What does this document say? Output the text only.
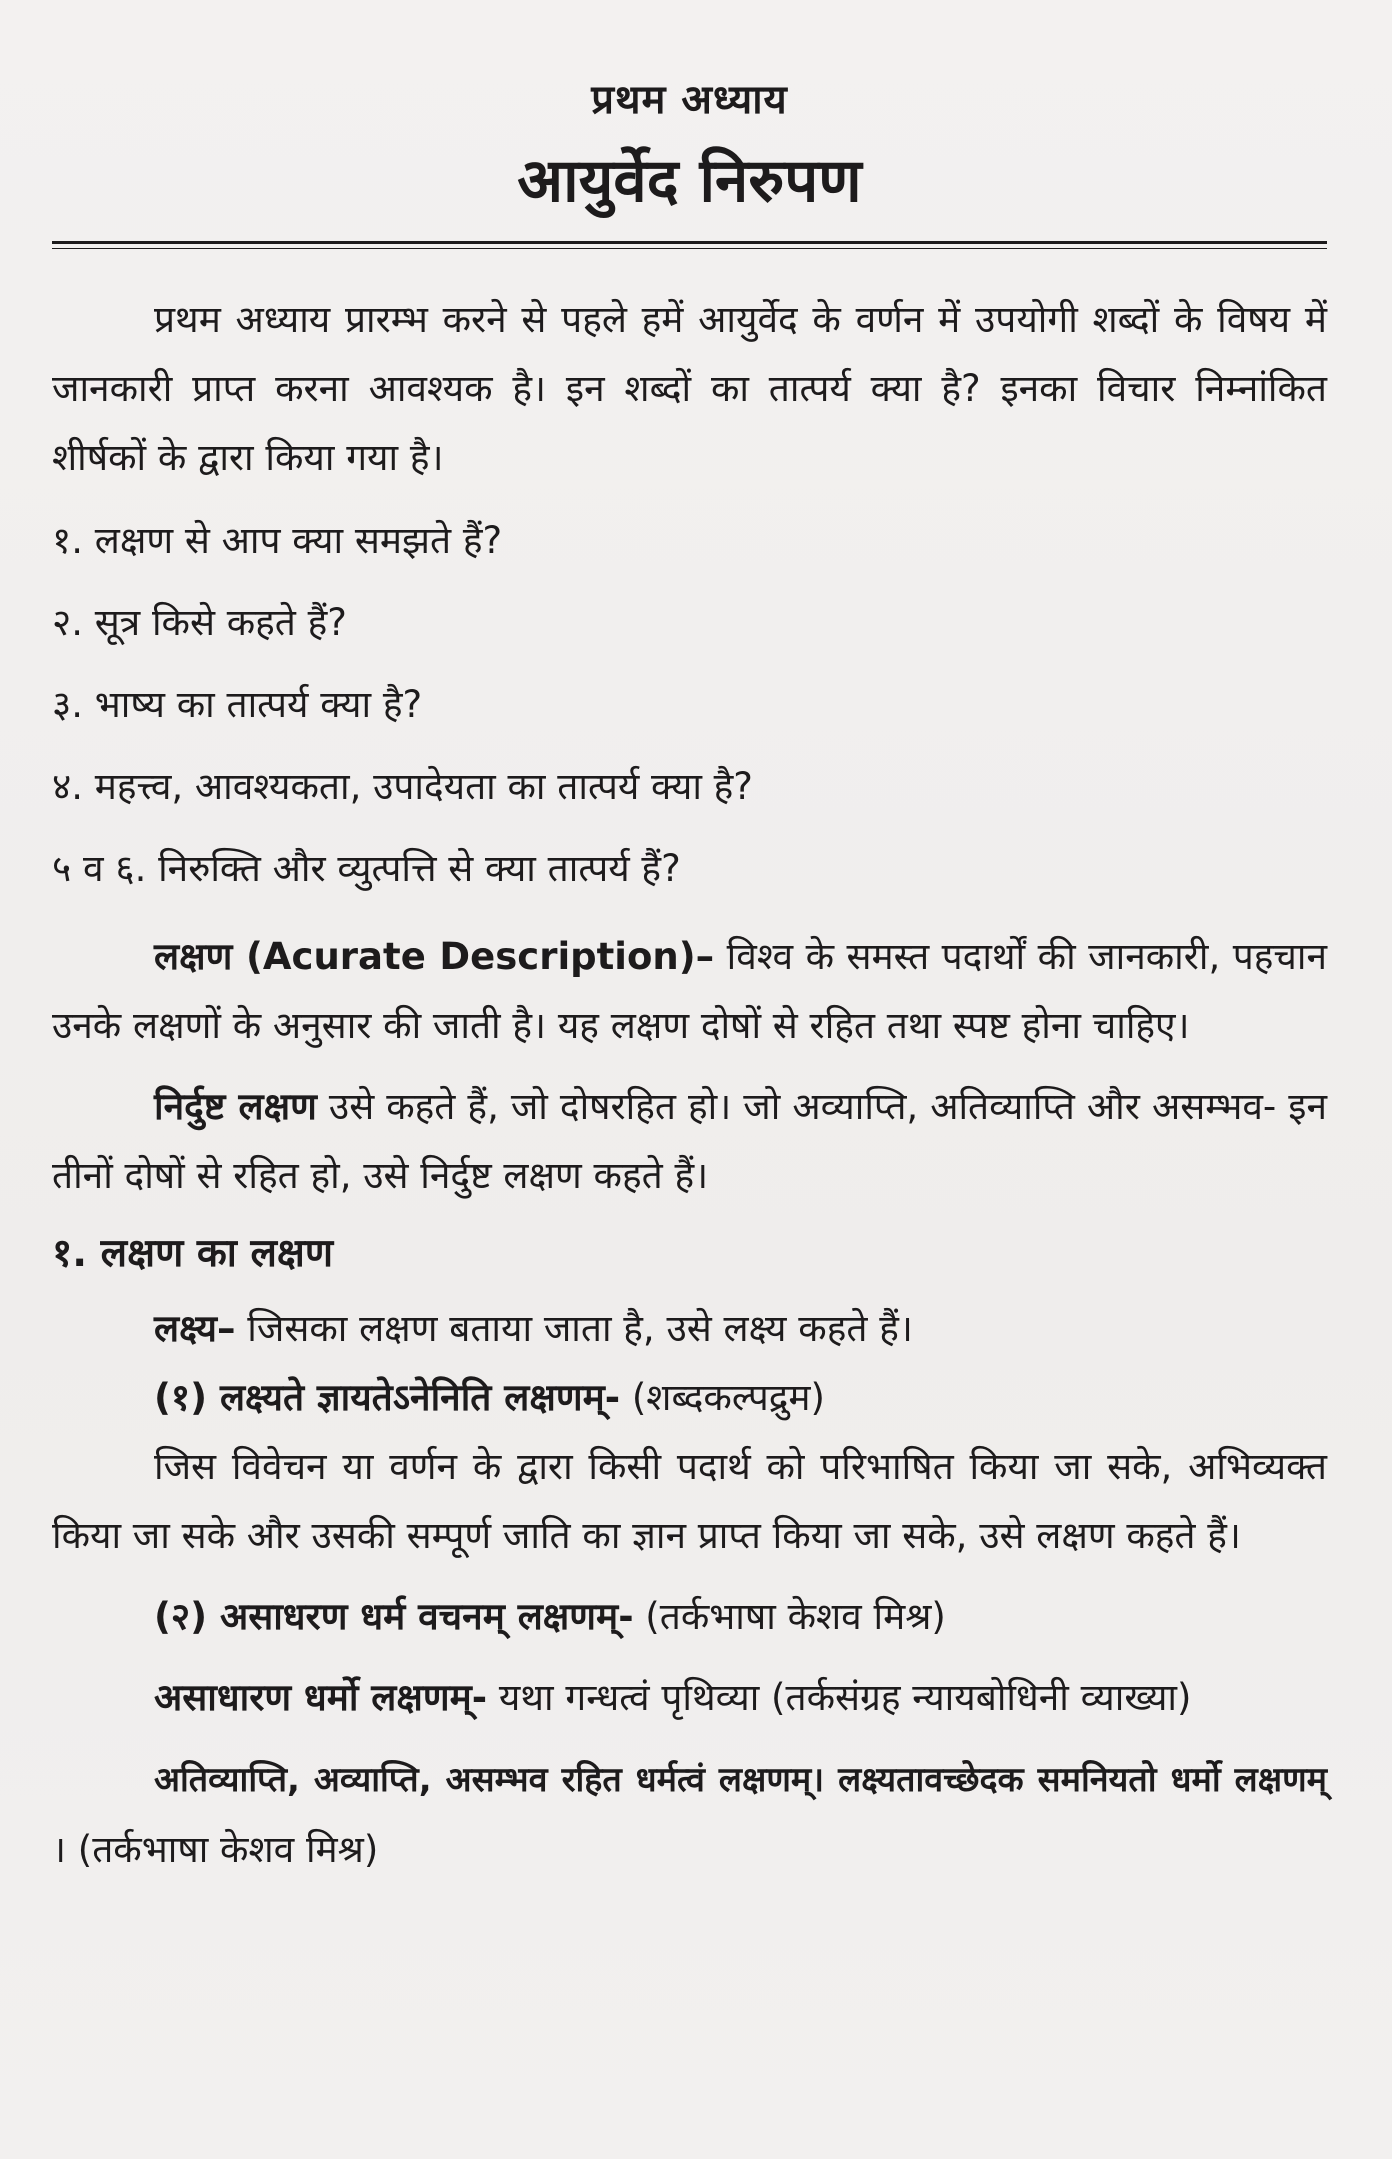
प्रथम अध्याय
आयुर्वेद निरुपण

प्रथम अध्याय प्रारम्भ करने से पहले हमें आयुर्वेद के वर्णन में उपयोगी शब्दों के विषय में जानकारी प्राप्त करना आवश्यक है। इन शब्दों का तात्पर्य क्या है? इनका विचार निम्नांकित शीर्षकों के द्वारा किया गया है।

१. लक्षण से आप क्या समझते हैं?
२. सूत्र किसे कहते हैं?
३. भाष्य का तात्पर्य क्या है?
४. महत्त्व, आवश्यकता, उपादेयता का तात्पर्य क्या है?
५ व ६. निरुक्ति और व्युत्पत्ति से क्या तात्पर्य हैं?

लक्षण (Acurate Description)– विश्व के समस्त पदार्थों की जानकारी, पहचान उनके लक्षणों के अनुसार की जाती है। यह लक्षण दोषों से रहित तथा स्पष्ट होना चाहिए।

निर्दुष्ट लक्षण उसे कहते हैं, जो दोषरहित हो। जो अव्याप्ति, अतिव्याप्ति और असम्भव- इन तीनों दोषों से रहित हो, उसे निर्दुष्ट लक्षण कहते हैं।

१. लक्षण का लक्षण

लक्ष्य– जिसका लक्षण बताया जाता है, उसे लक्ष्य कहते हैं।

(१) लक्ष्यते ज्ञायतेऽनेनिति लक्षणम्- (शब्दकल्पद्रुम)

जिस विवेचन या वर्णन के द्वारा किसी पदार्थ को परिभाषित किया जा सके, अभिव्यक्त किया जा सके और उसकी सम्पूर्ण जाति का ज्ञान प्राप्त किया जा सके, उसे लक्षण कहते हैं।

(२) असाधरण धर्म वचनम् लक्षणम्- (तर्कभाषा केशव मिश्र)

असाधारण धर्मो लक्षणम्- यथा गन्धत्वं पृथिव्या (तर्कसंग्रह न्यायबोधिनी व्याख्या)

अतिव्याप्ति, अव्याप्ति, असम्भव रहित धर्मत्वं लक्षणम्। लक्ष्यतावच्छेदक समनियतो धर्मो लक्षणम् । (तर्कभाषा केशव मिश्र)
